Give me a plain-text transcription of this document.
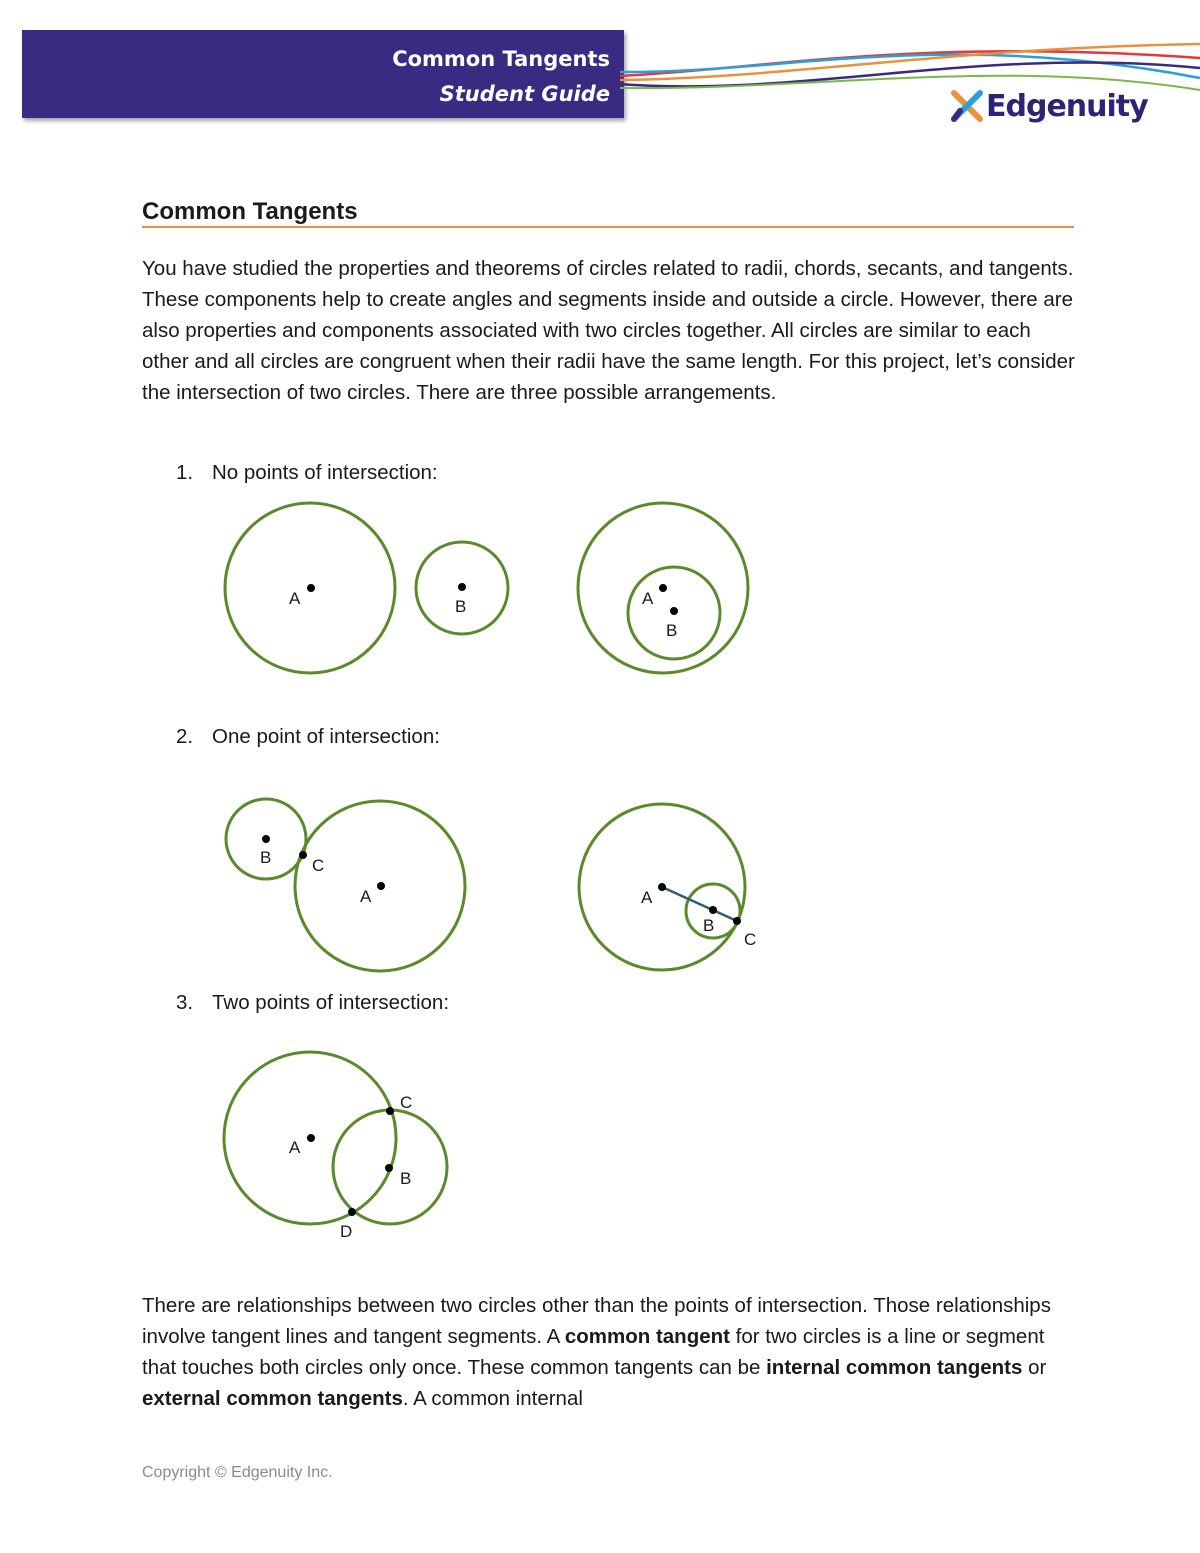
Common Tangents
Student Guide	Edgenuity
Common Tangents

You have studied the properties and theorems of circles related to radii, chords, secants, and tangents. These components help to create angles and segments inside and outside a circle. However, there are also properties and components associated with two circles together. All circles are similar to each other and all circles are congruent when their radii have the same length. For this project, let’s consider the intersection of two circles. There are three possible arrangements.

1. No points of intersection:
2. One point of intersection:
3. Two points of intersection:
A	B	A
B
B C
A	A
B
C
C
A
B
D

There are relationships between two circles other than the points of intersection. Those relationships involve tangent lines and tangent segments. A common tangent for two circles is a line or segment that touches both circles only once. These common tangents can be internal common tangents or external common tangents. A common internal

Copyright © Edgenuity Inc.
